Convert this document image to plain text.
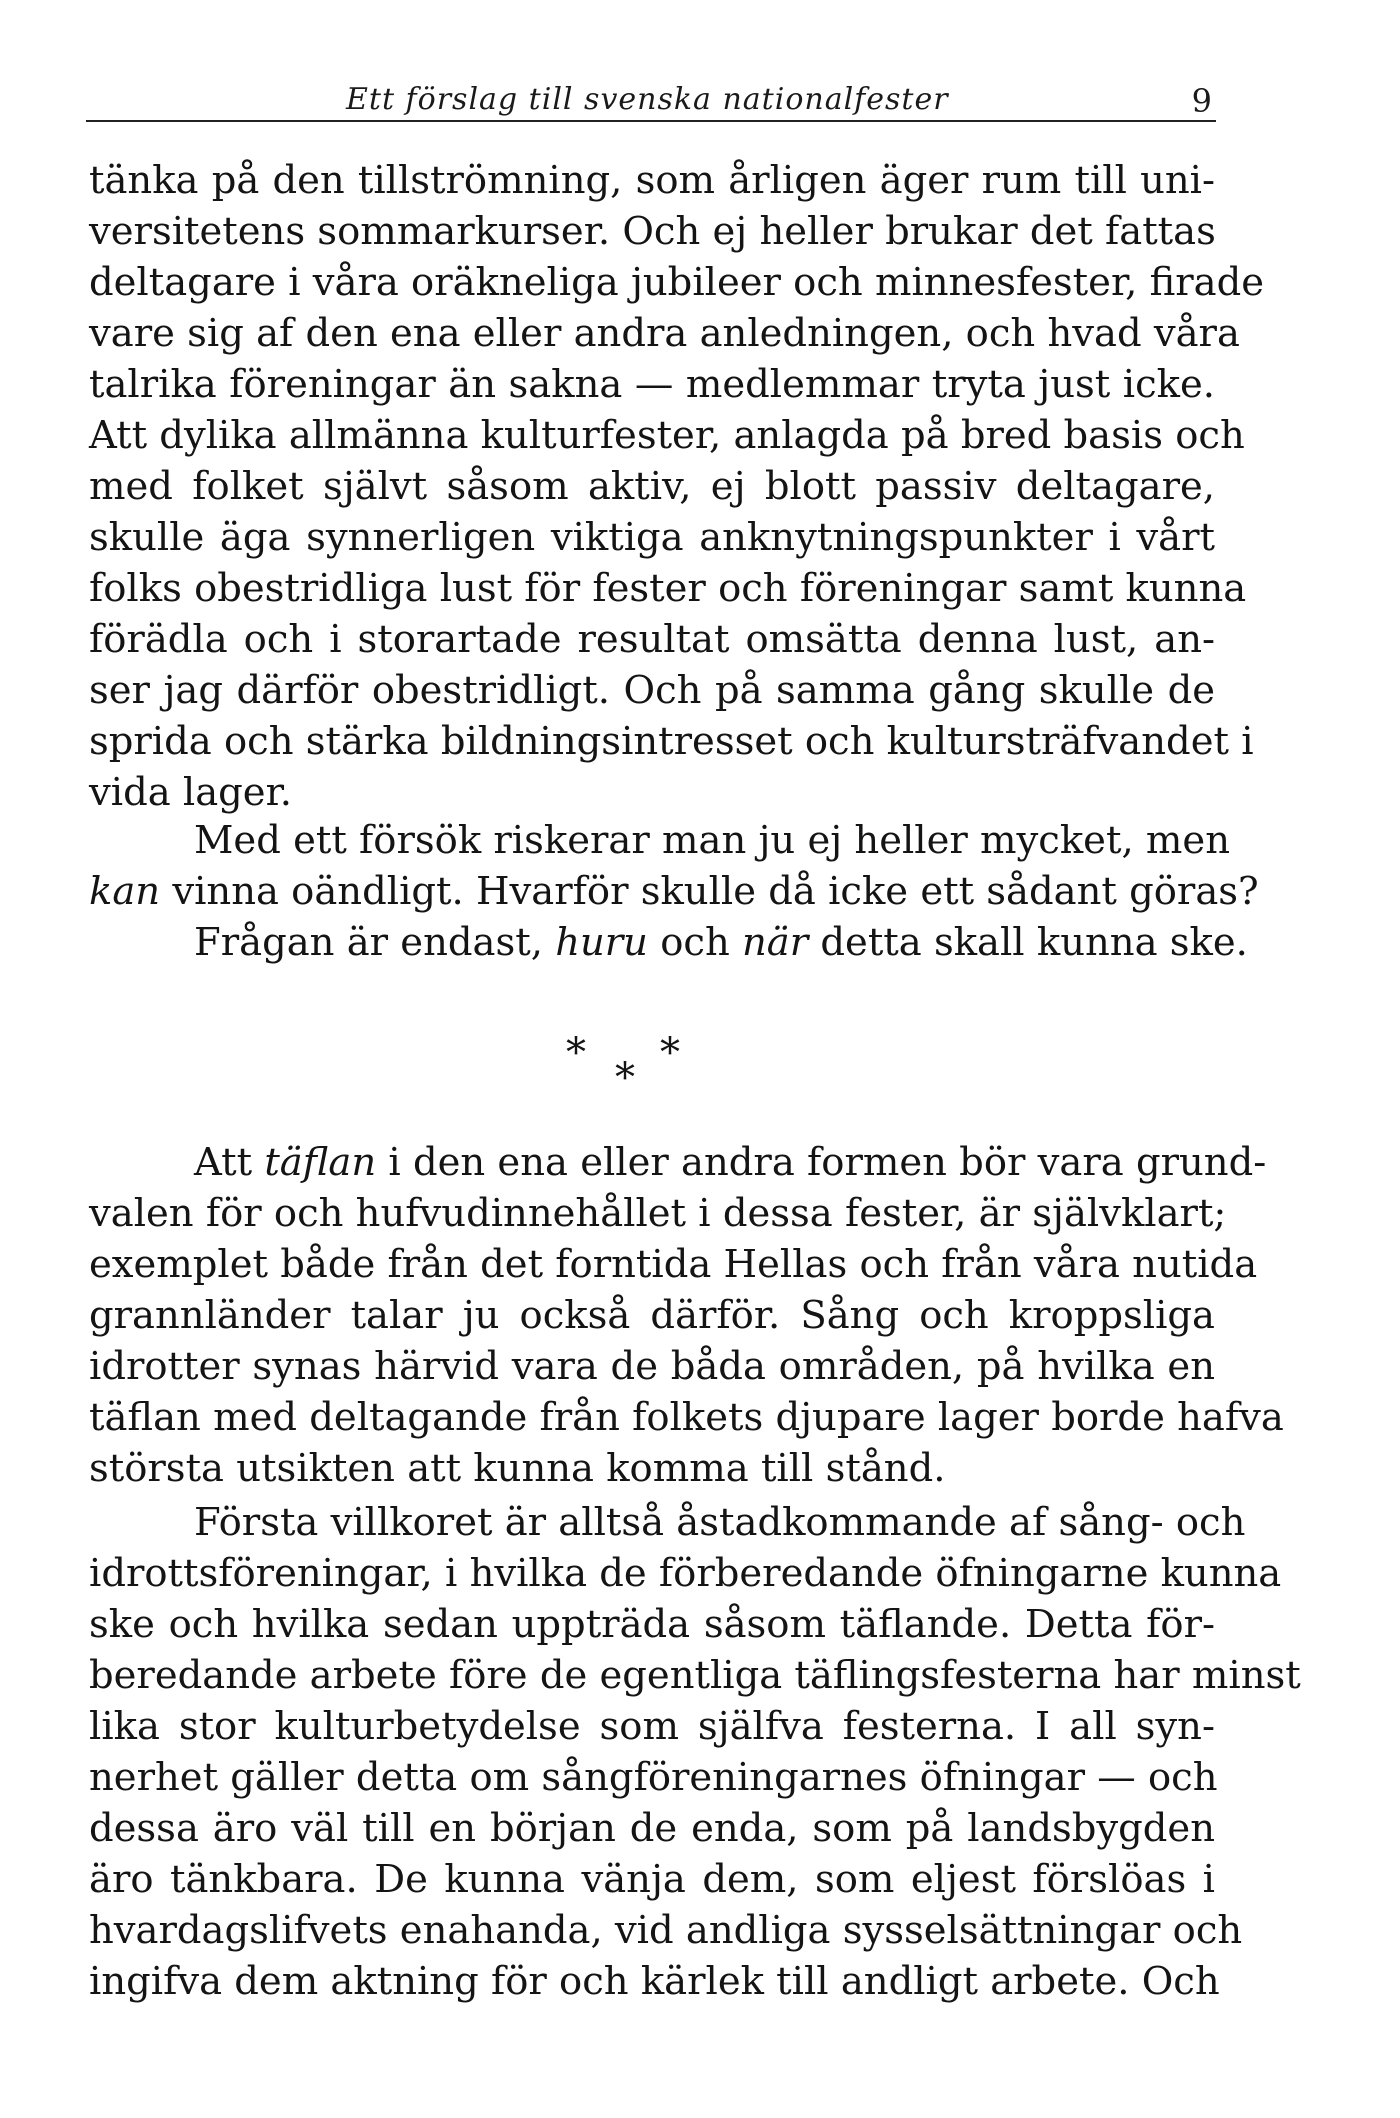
Ett förslag till svenska nationalfester	9
tänka på den tillströmning, som årligen äger rum till uni-
versitetens sommarkurser. Och ej heller brukar det fattas
deltagare i våra oräkneliga jubileer och minnesfester, firade
vare sig af den ena eller andra anledningen, och hvad våra
talrika föreningar än sakna — medlemmar tryta just icke.
Att dylika allmänna kulturfester, anlagda på bred basis och
med folket självt såsom aktiv, ej blott passiv deltagare,
skulle äga synnerligen viktiga anknytningspunkter i vårt
folks obestridliga lust för fester och föreningar samt kunna
förädla och i storartade resultat omsätta denna lust, an-
ser jag därför obestridligt. Och på samma gång skulle de
sprida och stärka bildningsintresset och kultursträfvandet i
vida lager.
Med ett försök riskerar man ju ej heller mycket, men
kan vinna oändligt. Hvarför skulle då icke ett sådant göras?
Frågan är endast, huru och när detta skall kunna ske.
*
*
*
Att täflan i den ena eller andra formen bör vara grund-
valen för och hufvudinnehållet i dessa fester, är självklart;
exemplet både från det forntida Hellas och från våra nutida
grannländer talar ju också därför. Sång och kroppsliga
idrotter synas härvid vara de båda områden, på hvilka en
täflan med deltagande från folkets djupare lager borde hafva
största utsikten att kunna komma till stånd.
Första villkoret är alltså åstadkommande af sång- och
idrottsföreningar, i hvilka de förberedande öfningarne kunna
ske och hvilka sedan uppträda såsom täflande. Detta för-
beredande arbete före de egentliga täflingsfesterna har minst
lika stor kulturbetydelse som själfva festerna. I all syn-
nerhet gäller detta om sångföreningarnes öfningar — och
dessa äro väl till en början de enda, som på landsbygden
äro tänkbara. De kunna vänja dem, som eljest förslöas i
hvardagslifvets enahanda, vid andliga sysselsättningar och
ingifva dem aktning för och kärlek till andligt arbete. Och
